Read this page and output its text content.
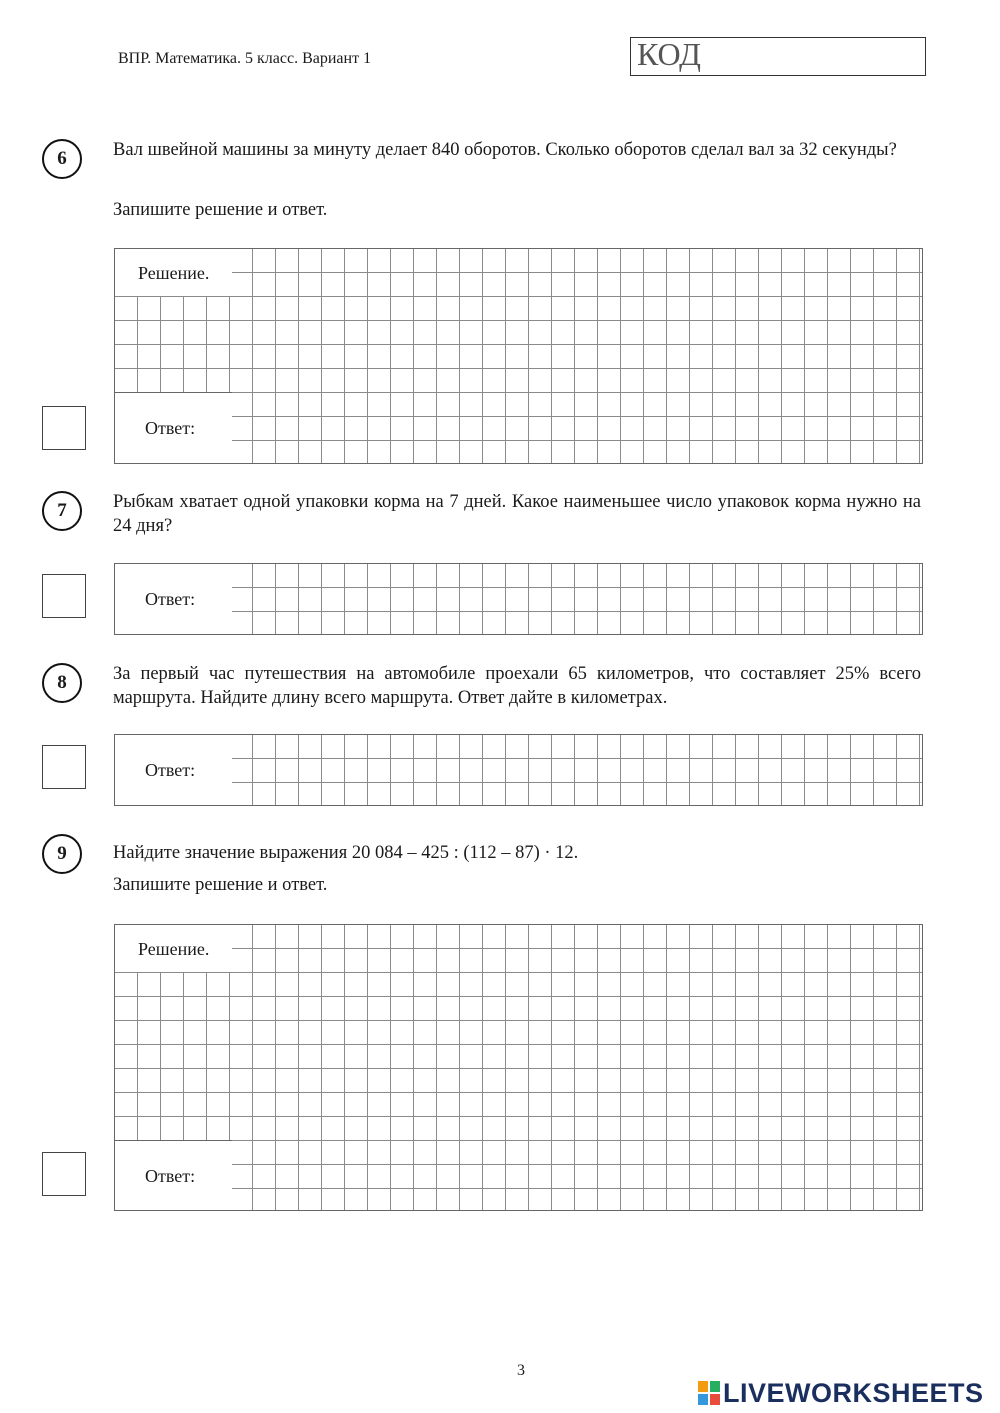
ВПР. Математика. 5 класс. Вариант 1	КОД
6	Вал швейной машины за минуту делает 840 оборотов. Сколько оборотов сделал вал за 32 секунды?
Запишите решение и ответ.
Решение.
Ответ:
7	Рыбкам хватает одной упаковки корма на 7 дней. Какое наименьшее число упаковок корма нужно на 24 дня?
Ответ:
8	За первый час путешествия на автомобиле проехали 65 километров, что составляет 25% всего маршрута. Найдите длину всего маршрута. Ответ дайте в километрах.
Ответ:
9	Найдите значение выражения 20 084 – 425 : (112 – 87) · 12.
Запишите решение и ответ.
Решение.
Ответ:
3
LIVEWORKSHEETS
